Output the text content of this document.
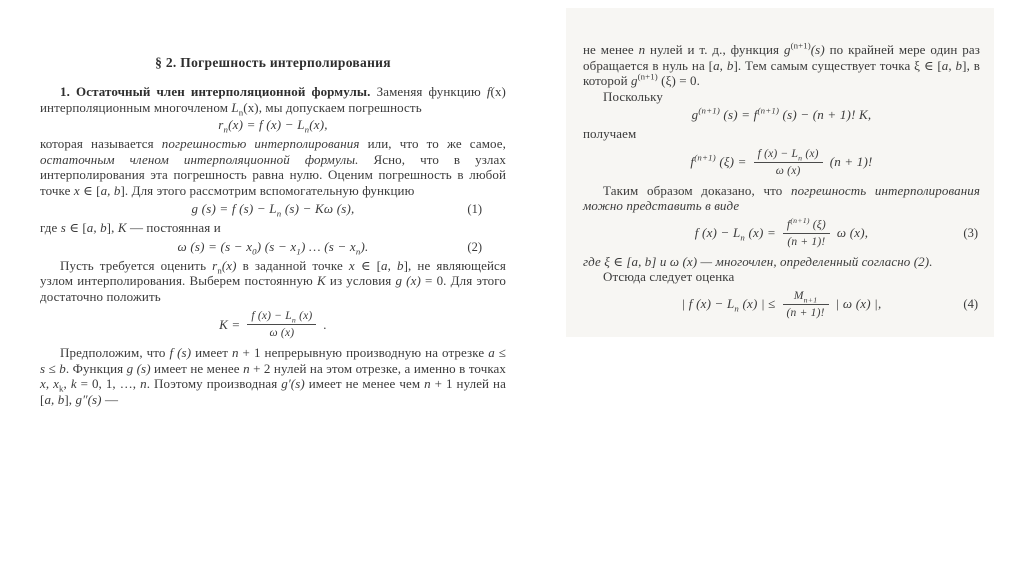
§ 2. Погрешность интерполирования

1. Остаточный член интерполяционной формулы. Заменяя функцию f(x) интерполяционным многочленом $L_n(x)$, мы допускаем погрешность

$r_n(x) = f$ $(x) - L_n(x)$,

которая называется погрешностью интерполирования или, что то же самое, остаточным членом интерполяционной формулы. Ясно, что в узлах интерполирования эта погрешность равна нулю. Оценим погрешность в любой точке x ∈ [a, b]. Для этого рассмотрим вспомогательную функцию

g (s) = f $(s) - L_n$ (s) − Kω (s),	(1)

где s ∈ [a, b], K — постоянная и

ω $(s) = (s - x_0)$ $(s - x_1)$ … $(s - x_n)$.	(2)

Пусть требуется оценить $r_n(x)$ в заданной точке x ∈ [a, b], не являющейся узлом интерполирования. Выберем постоянную K из условия g (x) = 0. Для этого достаточно положить

$K = \frac{f (x) - L_n (x)}{\omega (x)}$ .

Предположим, что f (s) имеет n + 1 непрерывную производную на отрезке a ≤ s ≤ b. Функция g (s) имеет не менее n + 2 нулей на этом отрезке, а именно в точках x, $x_k$, k = 0, 1, …, n. Поэтому производная g′(s) имеет не менее чем n + 1 нулей на [a, b], g″(s) —

не менее n нулей и т. д., функция $g^{(n+1)}(s)$ по крайней мере один раз обращается в нуль на [a, b]. Тем самым существует точка ξ ∈ [a, b], в которой $g^{(n+1)}$ (ξ) = 0.

Поскольку

$g^{(n+1)}$ $(s) = f^{(n+1)}$ (s) − (n + 1)! K,

получаем

$f^{(n+1)}$ $(\xi) = \frac{f (x) - L_n (x)}{\omega (x)} (n + 1)$!

Таким образом доказано, что погрешность интерполирования можно представить в виде

f $(x) - L_n$ $(x) = \frac{f^{(n+1)} (\xi)}{(n + 1)!}$ ω (x),	(3)

где ξ ∈ [a, b] и ω (x) — многочлен, определенный согласно (2).

Отсюда следует оценка

| f $(x) - L_n$ (x) | ≤ $\frac{M_{n+1}}{(n + 1)!}$ | ω (x) |,	(4)
